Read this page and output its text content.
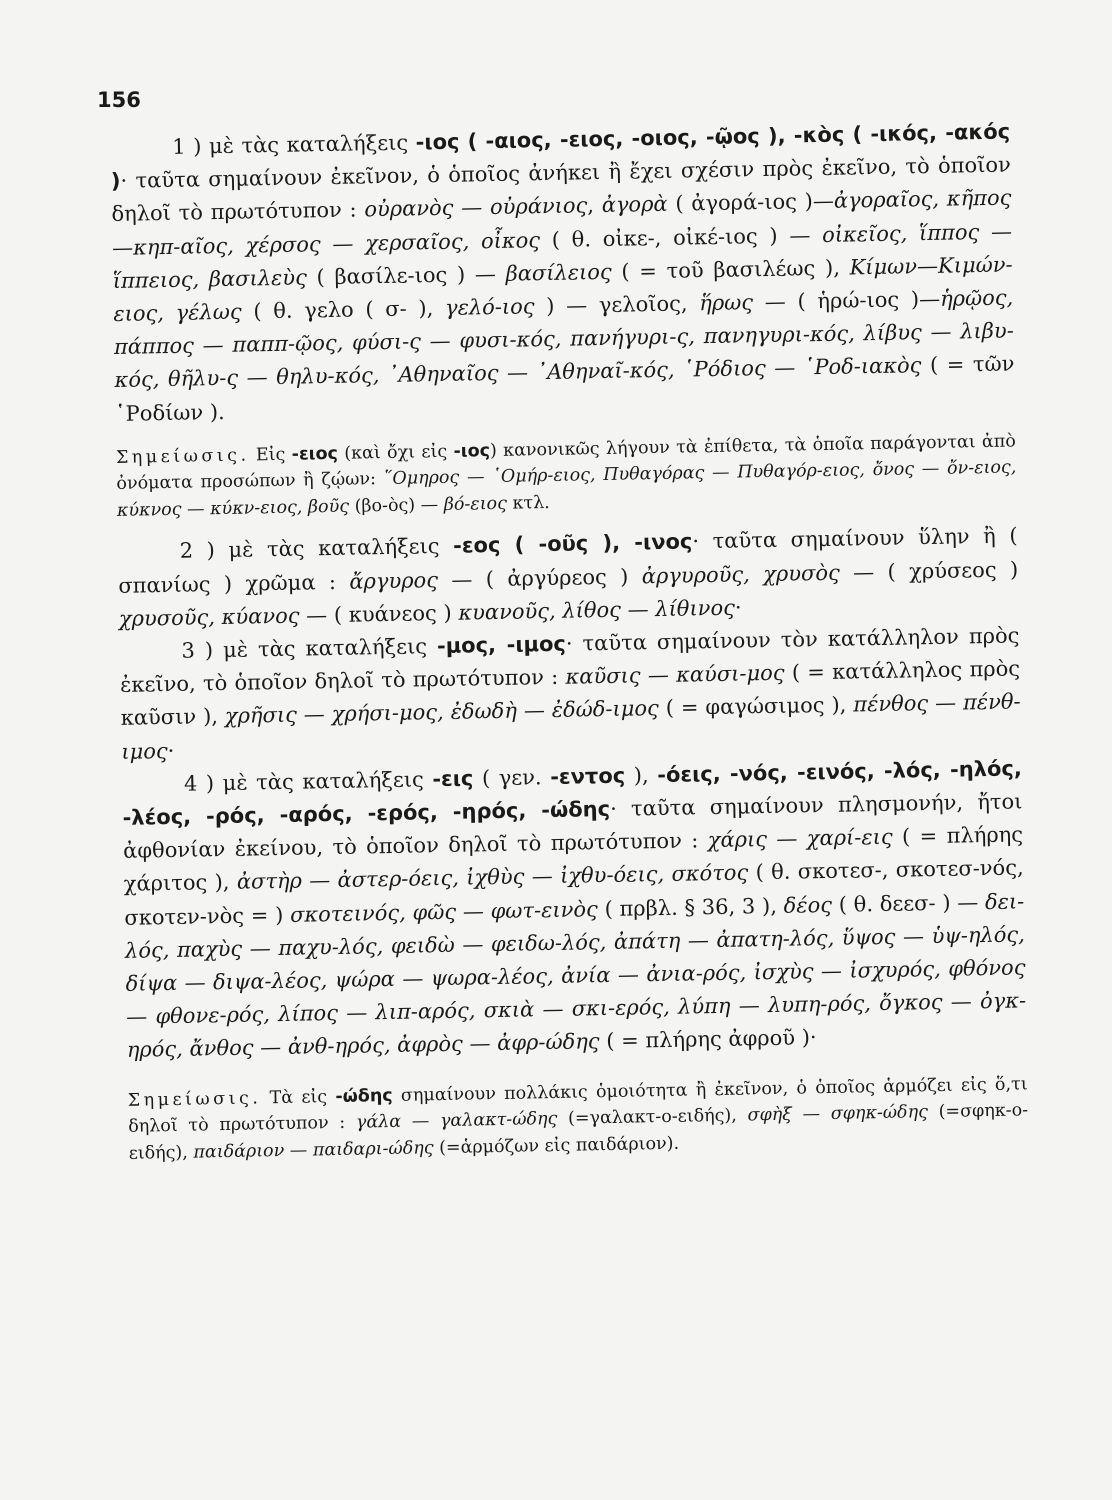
156

1 ) μὲ τὰς καταλήξεις -ιος ( -αιος, -ειος, -οιος, -ῷος ), -κὸς ( -ικός, -ακός )· ταῦτα σημαίνουν ἐκεῖνον, ὁ ὁποῖος ἀνήκει ἢ ἔχει σχέσιν πρὸς ἐκεῖνο, τὸ ὁποῖον δηλοῖ τὸ πρωτότυπον : οὐρανὸς — οὐράνιος, ἀγορὰ ( ἀγορά-ιος )—ἀγοραῖος, κῆπος—κηπ-αῖος, χέρσος — χερσαῖος, οἶκος ( θ. οἰκε-, οἰκέ-ιος ) — οἰκεῖος, ἵππος — ἵππειος, βασιλεὺς ( βασίλε-ιος ) — βασίλειος ( = τοῦ βασιλέως ), Κίμων—Κιμών-ειος, γέλως ( θ. γελο ( σ- ), γελό-ιος ) — γελοῖος, ἥρως — ( ἡρώ-ιος )—ἡρῷος, πάππος — παππ-ῷος, φύσι-ς — φυσι-κός, πανήγυρι-ς, πανηγυρι-κός, λίβυς — λιβυ-κός, θῆλυ-ς — θηλυ-κός, ᾿Αθηναῖος — ᾿Αθηναῖ-κός, ῾Ρόδιος — ῾Ροδ-ιακὸς ( = τῶν ῾Ροδίων ).

Σημείωσις. Εἰς -ειος (καὶ ὄχι εἰς -ιος) κανονικῶς λήγουν τὰ ἐπίθετα, τὰ ὁποῖα παράγονται ἀπὸ ὀνόματα προσώπων ἢ ζῴων: ῞Ομηρος — ῾Ομήρ-ειος, Πυθαγόρας — Πυθαγόρ-ειος, ὄνος — ὄν-ειος, κύκνος — κύκν-ειος, βοῦς (βο-ὸς) — βό-ειος κτλ.

2 ) μὲ τὰς καταλήξεις -εος ( -οῦς ), -ινος· ταῦτα σημαίνουν ὕλην ἢ ( σπανίως ) χρῶμα : ἄργυρος — ( ἀργύρεος ) ἀργυροῦς, χρυσὸς — ( χρύσεος ) χρυσοῦς, κύανος — ( κυάνεος ) κυανοῦς, λίθος — λίθινος·

3 ) μὲ τὰς καταλήξεις -μος, -ιμος· ταῦτα σημαίνουν τὸν κατάλληλον πρὸς ἐκεῖνο, τὸ ὁποῖον δηλοῖ τὸ πρωτότυπον : καῦσις — καύσι-μος ( = κατάλληλος πρὸς καῦσιν ), χρῆσις — χρήσι-μος, ἐδωδὴ — ἐδώδ-ιμος ( = φαγώσιμος ), πένθος — πένθ-ιμος·

4 ) μὲ τὰς καταλήξεις -εις ( γεν. -εντος ), -όεις, -νός, -εινός, -λός, -ηλός, -λέος, -ρός, -αρός, -ερός, -ηρός, -ώδης· ταῦτα σημαίνουν πλησμονήν, ἤτοι ἀφθονίαν ἐκείνου, τὸ ὁποῖον δηλοῖ τὸ πρωτότυπον : χάρις — χαρί-εις ( = πλήρης χάριτος ), ἀστὴρ — ἀστερ-όεις, ἰχθὺς — ἰχθυ-όεις, σκότος ( θ. σκοτεσ-, σκοτεσ-νός, σκοτεν-νὸς = ) σκοτεινός, φῶς — φωτ-εινὸς ( πρβλ. § 36, 3 ), δέος ( θ. δεεσ- ) — δει-λός, παχὺς — παχυ-λός, φειδὼ — φειδω-λός, ἀπάτη — ἀπατη-λός, ὕψος — ὑψ-ηλός, δίψα — διψα-λέος, ψώρα — ψωρα-λέος, ἀνία — ἀνια-ρός, ἰσχὺς — ἰσχυρός, φθόνος — φθονε-ρός, λίπος — λιπ-αρός, σκιὰ — σκι-ερός, λύπη — λυπη-ρός, ὄγκος — ὀγκ-ηρός, ἄνθος — ἀνθ-ηρός, ἀφρὸς — ἀφρ-ώδης ( = πλήρης ἀφροῦ )·

Σημείωσις. Τὰ εἰς -ώδης σημαίνουν πολλάκις ὁμοιότητα ἢ ἐκεῖνον, ὁ ὁποῖος ἁρμόζει εἰς ὅ,τι δηλοῖ τὸ πρωτότυπον : γάλα — γαλακτ-ώδης (=γαλακτ-ο-ειδής), σφὴξ — σφηκ-ώδης (=σφηκ-ο-ειδής), παιδάριον — παιδαρι-ώδης (=ἁρμόζων εἰς παιδάριον).
